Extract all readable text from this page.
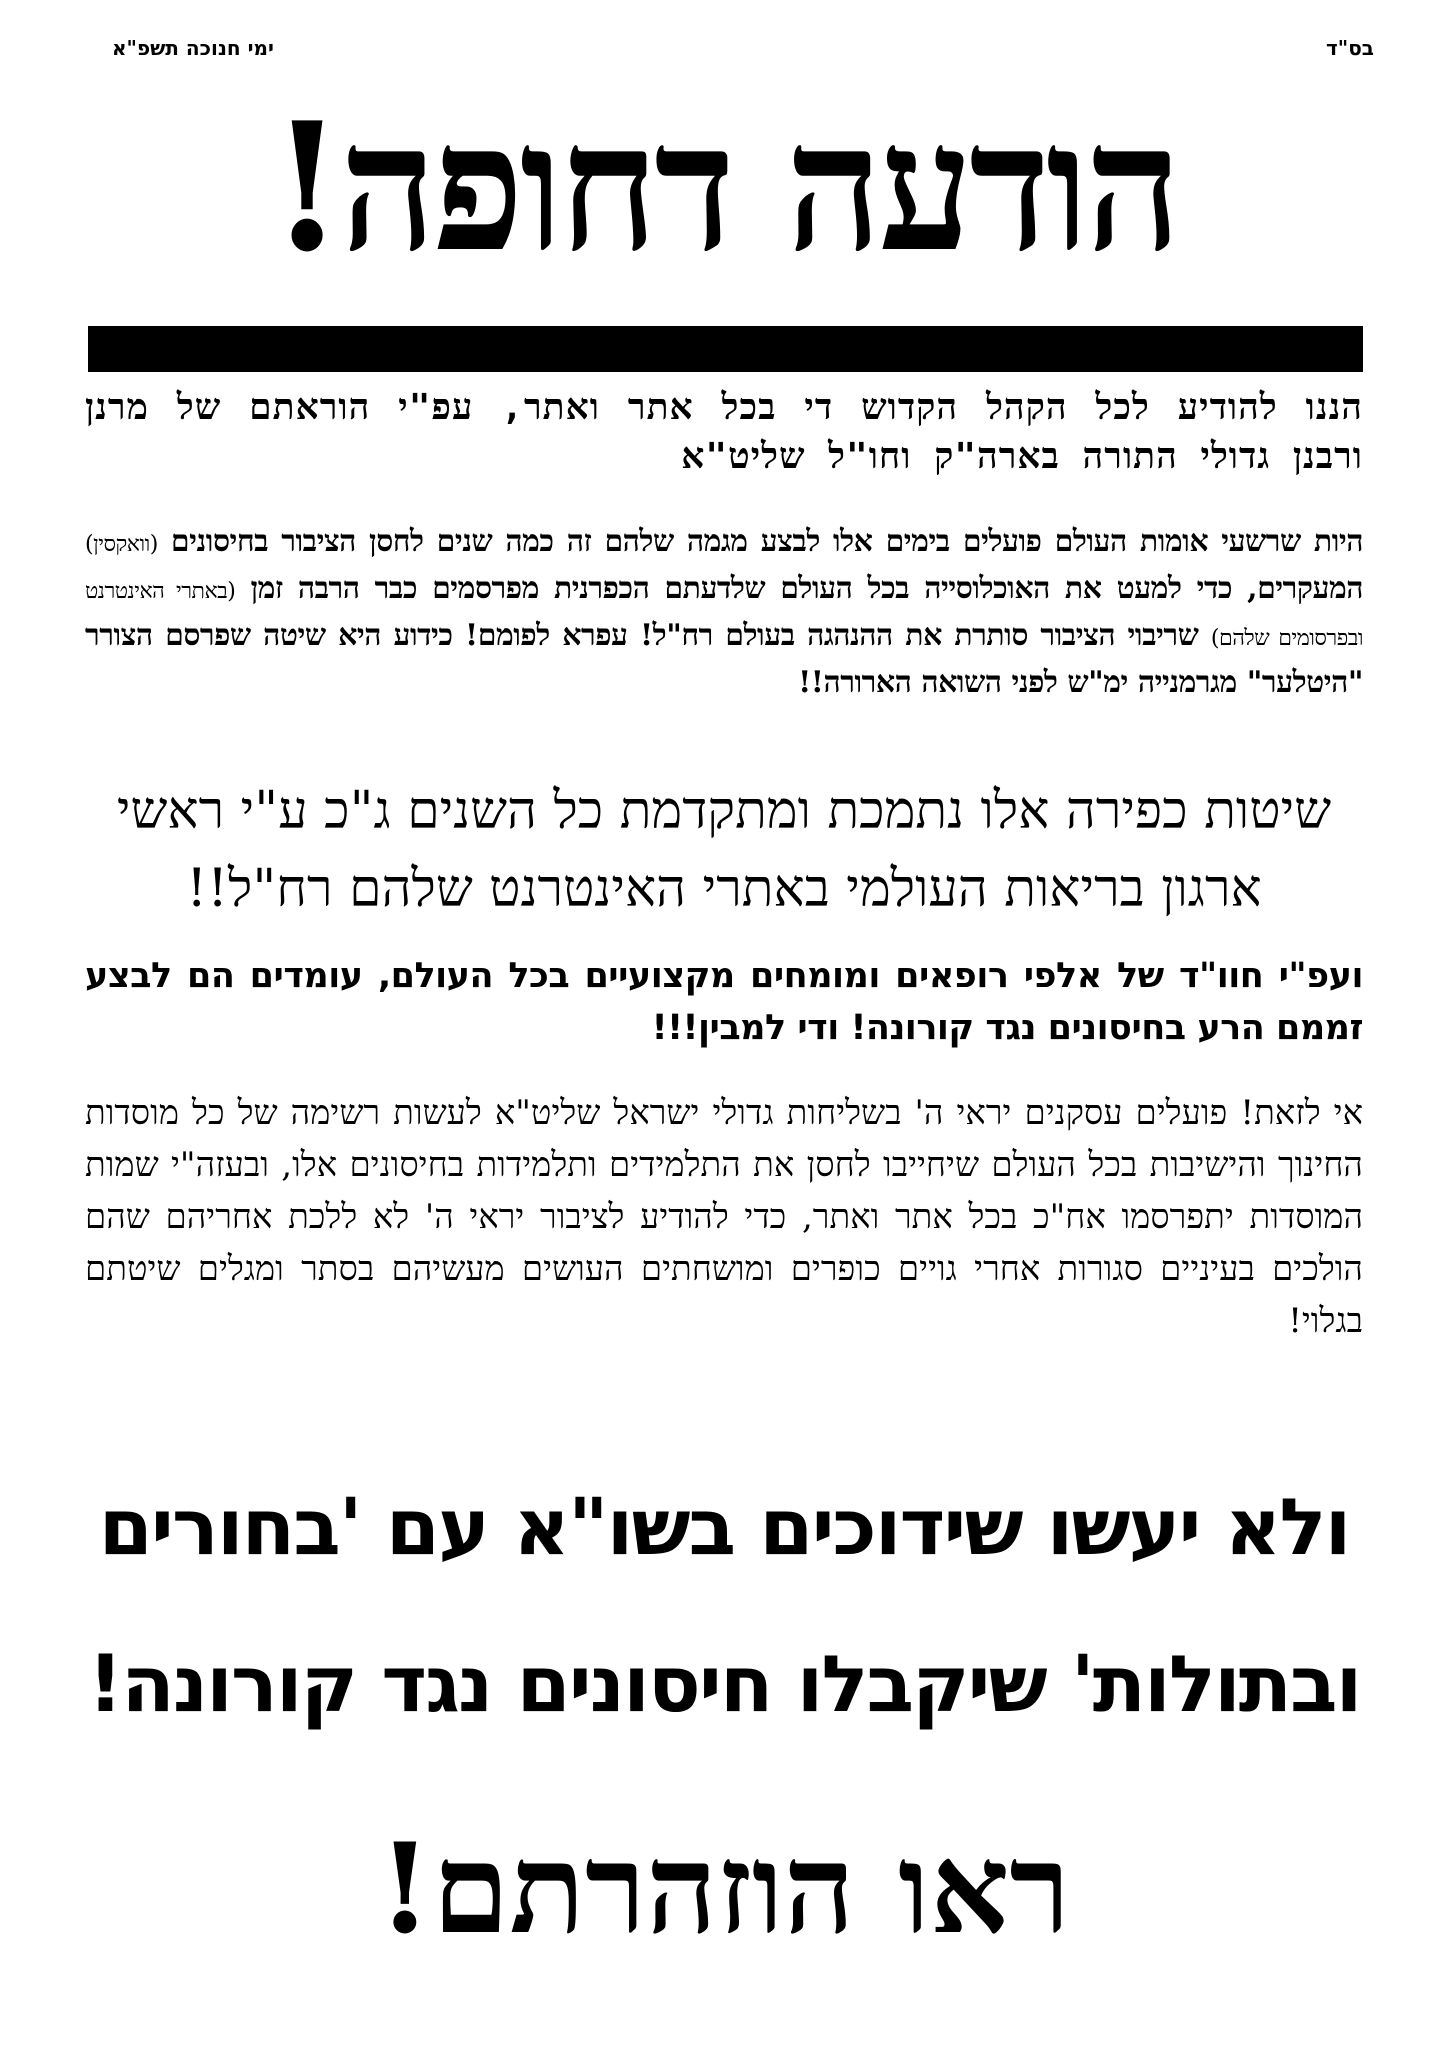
ימי חנוכה תשפ"א	בס"ד
הודעה דחופה!
הננו להודיע לכל הקהל הקדוש די בכל אתר ואתר, עפ"י הוראתם של מרנן ורבנן גדולי התורה בארה"ק וחו"ל שליט"א
היות שרשעי אומות העולם פועלים בימים אלו לבצע מגמה שלהם זה כמה שנים לחסן הציבור בחיסונים (וואקסין) המעקרים, כדי למעט את האוכלוסייה בכל העולם שלדעתם הכפרנית מפרסמים כבר הרבה זמן (באתרי האינטרנט ובפרסומים שלהם) שריבוי הציבור סותרת את ההנהגה בעולם רח"ל! עפרא לפומם! כידוע היא שיטה שפרסם הצורר "היטלער" מגרמנייה ימ"ש לפני השואה הארורה!!
שיטות כפירה אלו נתמכת ומתקדמת כל השנים ג"כ ע"י ראשי ארגון בריאות העולמי באתרי האינטרנט שלהם רח"ל!!
ועפ"י חוו"ד של אלפי רופאים ומומחים מקצועיים בכל העולם, עומדים הם לבצע זממם הרע בחיסונים נגד קורונה! ודי למבין!!!
אי לזאת! פועלים עסקנים יראי ה' בשליחות גדולי ישראל שליט"א לעשות רשימה של כל מוסדות החינוך והישיבות בכל העולם שיחייבו לחסן את התלמידים ותלמידות בחיסונים אלו, ובעזה"י שמות המוסדות יתפרסמו אח"כ בכל אתר ואתר, כדי להודיע לציבור יראי ה' לא ללכת אחריהם שהם הולכים בעיניים סגורות אחרי גויים כופרים ומושחתים העושים מעשיהם בסתר ומגלים שיטתם בגלוי!
ולא יעשו שידוכים בשו"א עם 'בחורים ובתולות' שיקבלו חיסונים נגד קורונה!
ראו הוזהרתם!
